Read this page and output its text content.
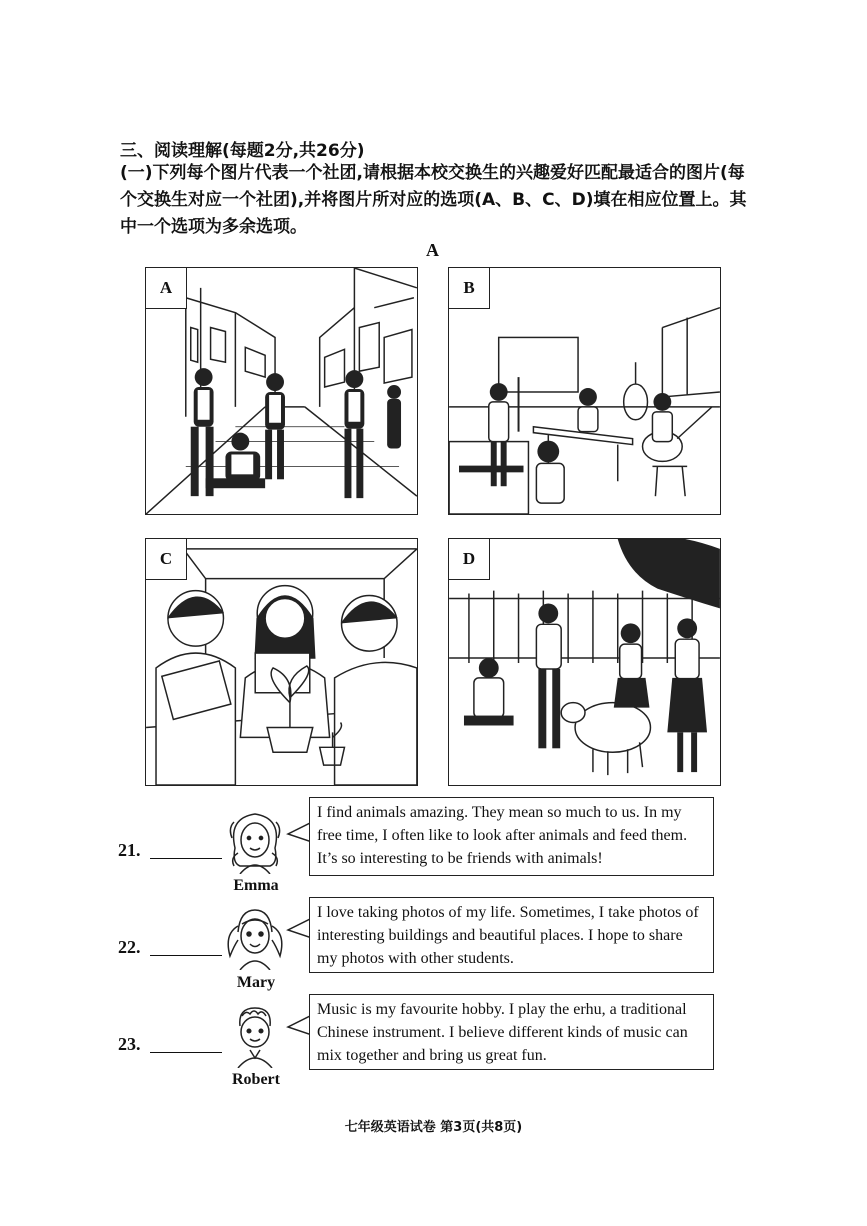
三、阅读理解(每题2分,共26分)
(一)下列每个图片代表一个社团,请根据本校交换生的兴趣爱好匹配最适合的图片(每个交换生对应一个社团),并将图片所对应的选项(A、B、C、D)填在相应位置上。其中一个选项为多余选项。
A
A	B
C	D
21.
Emma
I find animals amazing. They mean so much to us. In my free time, I often like to look after animals and feed them. It’s so interesting to be friends with animals!
22.
Mary
I love taking photos of my life. Sometimes, I take photos of interesting buildings and beautiful places. I hope to share my photos with other students.
23.
Robert
Music is my favourite hobby. I play the erhu, a traditional Chinese instrument. I believe different kinds of music can mix together and bring us great fun.
七年级英语试卷 第3页(共8页)
